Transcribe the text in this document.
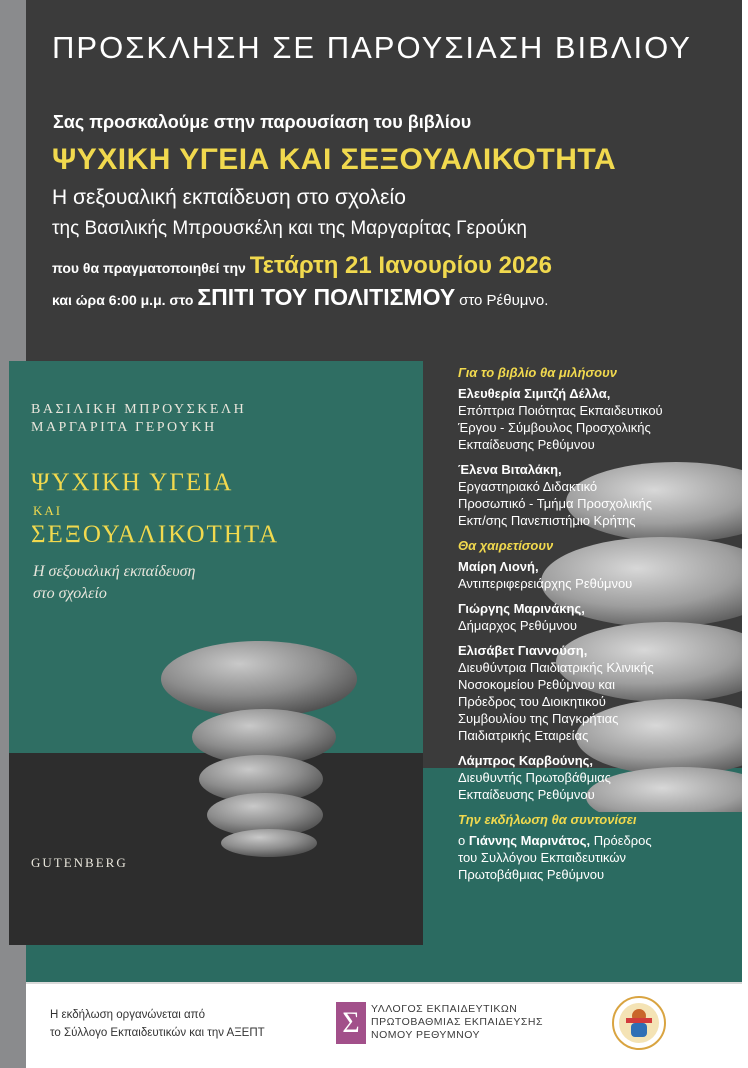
ΠΡΟΣΚΛΗΣΗ ΣΕ ΠΑΡΟΥΣΙΑΣΗ ΒΙΒΛΙΟΥ
Σας προσκαλούμε στην παρουσίαση του βιβλίου
ΨΥΧΙΚΗ ΥΓΕΙΑ ΚΑΙ ΣΕΞΟΥΑΛΙΚΟΤΗΤΑ
Η σεξουαλική εκπαίδευση στο σχολείο
της Βασιλικής Μπρουσκέλη και της Μαργαρίτας Γερούκη
που θα πραγματοποιηθεί την Τετάρτη 21 Ιανουρίου 2026
και ώρα 6:00 μ.μ. στο ΣΠΙΤΙ ΤΟΥ ΠΟΛΙΤΙΣΜΟΥ στο Ρέθυμνο.
ΒΑΣΙΛΙΚΗ ΜΠΡΟΥΣΚΕΛΗ
ΜΑΡΓΑΡΙΤΑ ΓΕΡΟΥΚΗ
ΨΥΧΙΚΗ ΥΓΕΙΑ
ΚΑΙ
ΣΕΞΟΥΑΛΙΚΟΤΗΤΑ
Η σεξουαλική εκπαίδευση
στο σχολείο
GUTENBERG
Για το βιβλίο θα μιλήσουν
Ελευθερία Σιμιτζή Δέλλα,
Επόπτρια Ποιότητας Εκπαιδευτικού
Έργου - Σύμβουλος Προσχολικής
Εκπαίδευσης Ρεθύμνου
Έλενα Βιταλάκη,
Εργαστηριακό Διδακτικό
Προσωπικό - Τμήμα Προσχολικής
Εκπ/σης Πανεπιστήμιο Κρήτης
Θα χαιρετίσουν
Μαίρη Λιονή,
Αντιπεριφερειάρχης Ρεθύμνου
Γιώργης Μαρινάκης,
Δήμαρχος Ρεθύμνου
Ελισάβετ Γιαννούση,
Διευθύντρια Παιδιατρικής Κλινικής
Νοσοκομείου Ρεθύμνου και
Πρόεδρος του Διοικητικού
Συμβουλίου της Παγκρήτιας
Παιδιατρικής Εταιρείας
Λάμπρος Καρβούνης,
Διευθυντής Πρωτοβάθμιας
Εκπαίδευσης Ρεθύμνου
Την εκδήλωση θα συντονίσει
ο Γιάννης Μαρινάτος, Πρόεδρος
του Συλλόγου Εκπαιδευτικών
Πρωτοβάθμιας Ρεθύμνου
Η εκδήλωση οργανώνεται από
το Σύλλογο Εκπαιδευτικών και την ΑΞΕΠΤ	Σ	ΥΛΛΟΓΟΣ ΕΚΠΑΙΔΕΥΤΙΚΩΝ
ΠΡΩΤΟΒΑΘΜΙΑΣ ΕΚΠΑΙΔΕΥΣΗΣ
ΝΟΜΟΥ ΡΕΘΥΜΝΟΥ
